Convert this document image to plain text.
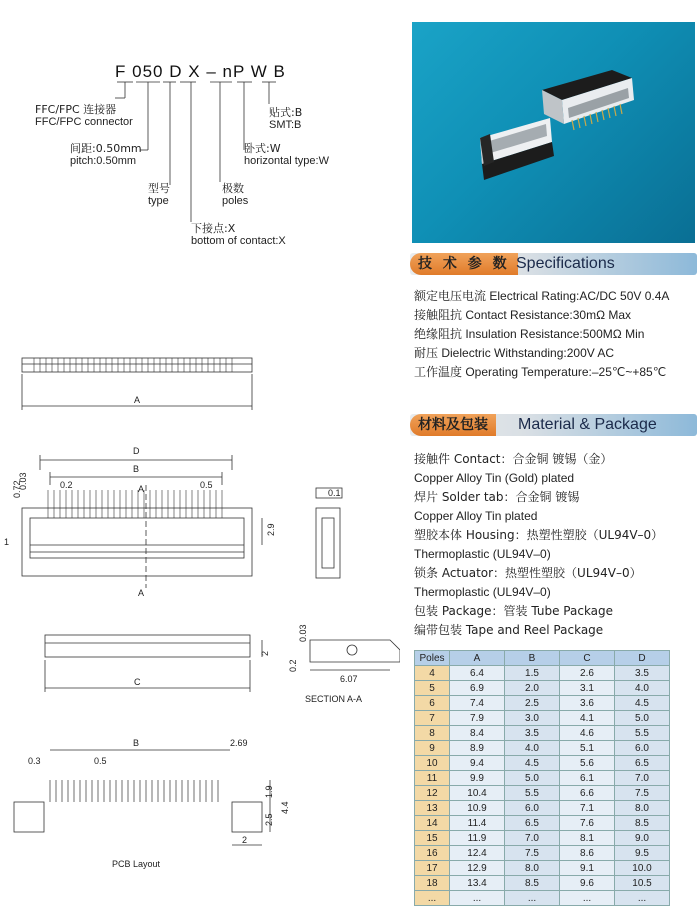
F 050 D X – nP W B
FFC/FPC 连接器
FFC/FPC connector
间距:0.50mm
pitch:0.50mm
型号
type
下接点:X
bottom of contact:X
极数
poles
卧式:W
horizontal type:W
贴式:B
SMT:B
技 术 参 数 Specifications
额定电压电流 Electrical Rating:AC/DC 50V 0.4A
接触阻抗 Contact Resistance:30mΩ Max
绝缘阻抗 Insulation Resistance:500MΩ Min
耐压 Dielectric Withstanding:200V AC
工作温度 Operating Temperature:–25℃~+85℃
材料及包装	Material & Package
接触件 Contact：合金铜 镀锡（金）
Copper Alloy Tin (Gold) plated
焊片 Solder tab：合金铜 镀锡
Copper Alloy Tin plated
塑胶本体 Housing：热塑性塑胶（UL94V–0）
Thermoplastic (UL94V–0)
锁条 Actuator：热塑性塑胶（UL94V–0）
Thermoplastic (UL94V–0)
包装 Package：管装 Tube Package
编带包装 Tape and Reel Package
Poles	A	B	C	D
4	6.4	1.5	2.6	3.5
5	6.9	2.0	3.1	4.0
6	7.4	2.5	3.6	4.5
7	7.9	3.0	4.1	5.0
8	8.4	3.5	4.6	5.5
9	8.9	4.0	5.1	6.0
10	9.4	4.5	5.6	6.5
11	9.9	5.0	6.1	7.0
12	10.4	5.5	6.6	7.5
13	10.9	6.0	7.1	8.0
14	11.4	6.5	7.6	8.5
15	11.9	7.0	8.1	9.0
16	12.4	7.5	8.6	9.5
17	12.9	8.0	9.1	10.0
18	13.4	8.5	9.6	10.5
...	...	...	...	...
A
D
B
0.72
0.03	0.2	0.5
A
A
1
2.9
0.1
C
2
0.03
0.2
6.07
SECTION A-A
0.3	0.5
B	2.69
1.9
2.5
4.4
2
PCB Layout
